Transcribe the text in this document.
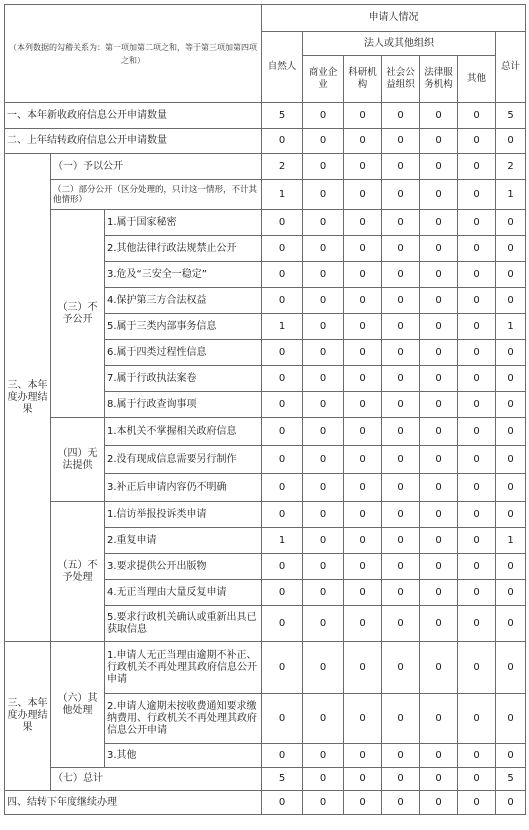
（本列数据的勾稽关系为：第一项加第二项之和，等于第三项加第四项之和）			申请人情况						
			自然人	法人或其他组织					总计
				商业企业	科研机构	社会公益组织	法律服务机构	其他	
一、本年新收政府信息公开申请数量			5	0	0	0	0	0	5
二、上年结转政府信息公开申请数量			0	0	0	0	0	0	0
三、本年度办理结果	（一）予以公开		2	0	0	0	0	0	2
	（二）部分公开（区分处理的，只计这一情形，不计其他情形）		1	0	0	0	0	0	1
	（三）不予公开	1.属于国家秘密	0	0	0	0	0	0	0
		2.其他法律行政法规禁止公开	0	0	0	0	0	0	0
		3.危及“三安全一稳定”	0	0	0	0	0	0	0
		4.保护第三方合法权益	0	0	0	0	0	0	0
		5.属于三类内部事务信息	1	0	0	0	0	0	1
		6.属于四类过程性信息	0	0	0	0	0	0	0
		7.属于行政执法案卷	0	0	0	0	0	0	0
		8.属于行政查询事项	0	0	0	0	0	0	0
	（四）无法提供	1.本机关不掌握相关政府信息	0	0	0	0	0	0	0
		2.没有现成信息需要另行制作	0	0	0	0	0	0	0
		3.补正后申请内容仍不明确	0	0	0	0	0	0	0
	（五）不予处理	1.信访举报投诉类申请	0	0	0	0	0	0	0
		2.重复申请	1	0	0	0	0	0	1
		3.要求提供公开出版物	0	0	0	0	0	0	0
		4.无正当理由大量反复申请	0	0	0	0	0	0	0
		5.要求行政机关确认或重新出具已获取信息	0	0	0	0	0	0	0
三、本年度办理结果	（六）其他处理	1.申请人无正当理由逾期不补正、行政机关不再处理其政府信息公开申请	0	0	0	0	0	0	0
		2.申请人逾期未按收费通知要求缴纳费用、行政机关不再处理其政府信息公开申请	0	0	0	0	0	0	0
		3.其他	0	0	0	0	0	0	0
	（七）总计		5	0	0	0	0	0	5
四、结转下年度继续办理			0	0	0	0	0	0	0
